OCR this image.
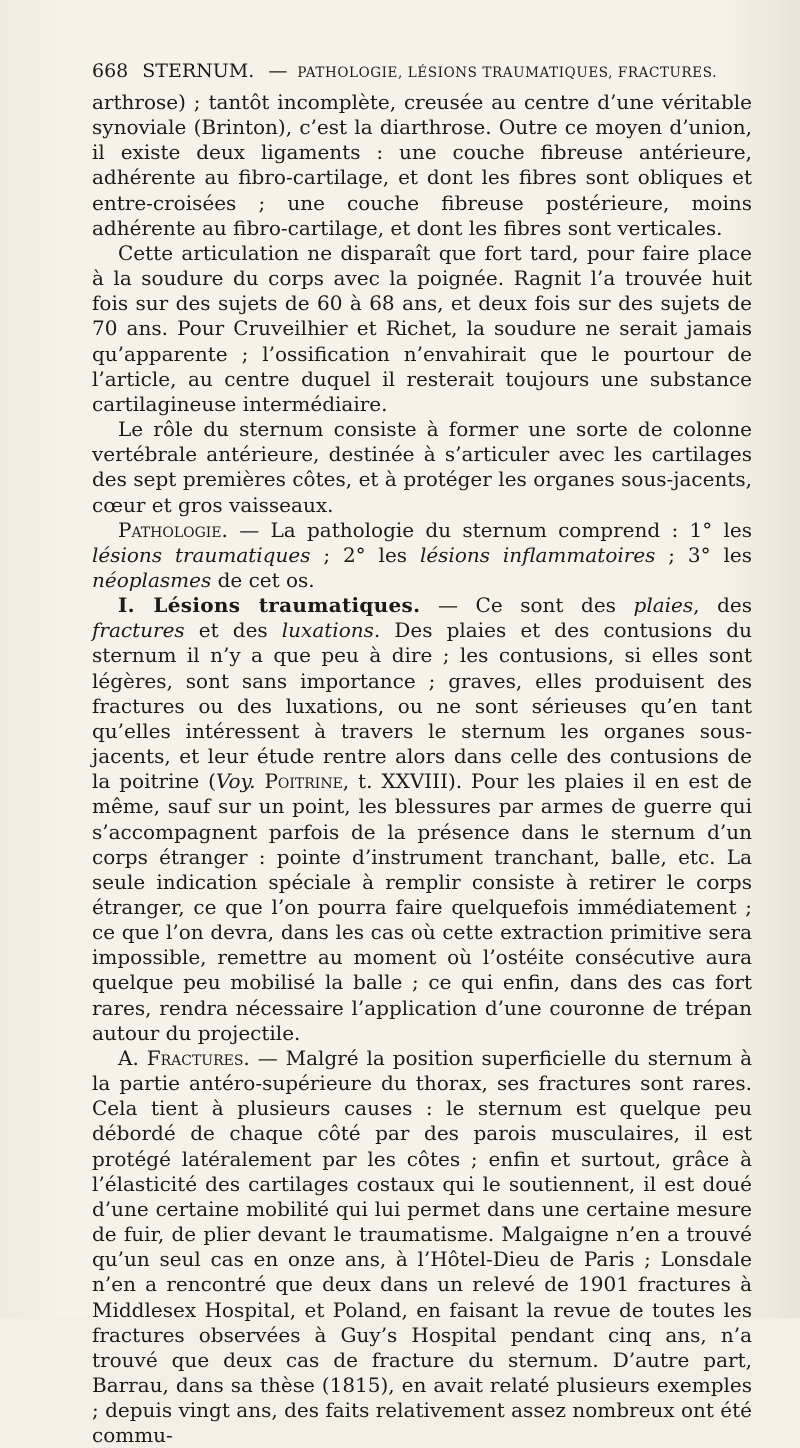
668 STERNUM. — PATHOLOGIE, LÉSIONS TRAUMATIQUES, FRACTURES.

arthrose) ; tantôt incomplète, creusée au centre d’une véritable synoviale (Brinton), c’est la diarthrose. Outre ce moyen d’union, il existe deux ligaments : une couche fibreuse antérieure, adhérente au fibro-cartilage, et dont les fibres sont obliques et entre-croisées ; une couche fibreuse postérieure, moins adhérente au fibro-cartilage, et dont les fibres sont verticales.

Cette articulation ne disparaît que fort tard, pour faire place à la soudure du corps avec la poignée. Ragnit l’a trouvée huit fois sur des sujets de 60 à 68 ans, et deux fois sur des sujets de 70 ans. Pour Cruveilhier et Richet, la soudure ne serait jamais qu’apparente ; l’ossification n’envahirait que le pourtour de l’article, au centre duquel il resterait toujours une substance cartilagineuse intermédiaire.

Le rôle du sternum consiste à former une sorte de colonne vertébrale antérieure, destinée à s’articuler avec les cartilages des sept premières côtes, et à protéger les organes sous-jacents, cœur et gros vaisseaux.

Pathologie. — La pathologie du sternum comprend : 1° les lésions traumatiques ; 2° les lésions inflammatoires ; 3° les néoplasmes de cet os.

I. Lésions traumatiques. — Ce sont des plaies, des fractures et des luxations. Des plaies et des contusions du sternum il n’y a que peu à dire ; les contusions, si elles sont légères, sont sans importance ; graves, elles produisent des fractures ou des luxations, ou ne sont sérieuses qu’en tant qu’elles intéressent à travers le sternum les organes sous-jacents, et leur étude rentre alors dans celle des contusions de la poitrine (Voy. Poitrine, t. XXVIII). Pour les plaies il en est de même, sauf sur un point, les blessures par armes de guerre qui s’accompagnent parfois de la présence dans le sternum d’un corps étranger : pointe d’instrument tranchant, balle, etc. La seule indication spéciale à remplir consiste à retirer le corps étranger, ce que l’on pourra faire quelquefois immédiatement ; ce que l’on devra, dans les cas où cette extraction primitive sera impossible, remettre au moment où l’ostéite consécutive aura quelque peu mobilisé la balle ; ce qui enfin, dans des cas fort rares, rendra nécessaire l’application d’une couronne de trépan autour du projectile.

A. Fractures. — Malgré la position superficielle du sternum à la partie antéro-supérieure du thorax, ses fractures sont rares. Cela tient à plusieurs causes : le sternum est quelque peu débordé de chaque côté par des parois musculaires, il est protégé latéralement par les côtes ; enfin et surtout, grâce à l’élasticité des cartilages costaux qui le soutiennent, il est doué d’une certaine mobilité qui lui permet dans une certaine mesure de fuir, de plier devant le traumatisme. Malgaigne n’en a trouvé qu’un seul cas en onze ans, à l’Hôtel-Dieu de Paris ; Lonsdale n’en a rencontré que deux dans un relevé de 1901 fractures à Middlesex Hospital, et Poland, en faisant la revue de toutes les fractures observées à Guy’s Hospital pendant cinq ans, n’a trouvé que deux cas de fracture du sternum. D’autre part, Barrau, dans sa thèse (1815), en avait relaté plusieurs exemples ; depuis vingt ans, des faits relativement assez nombreux ont été commu-
